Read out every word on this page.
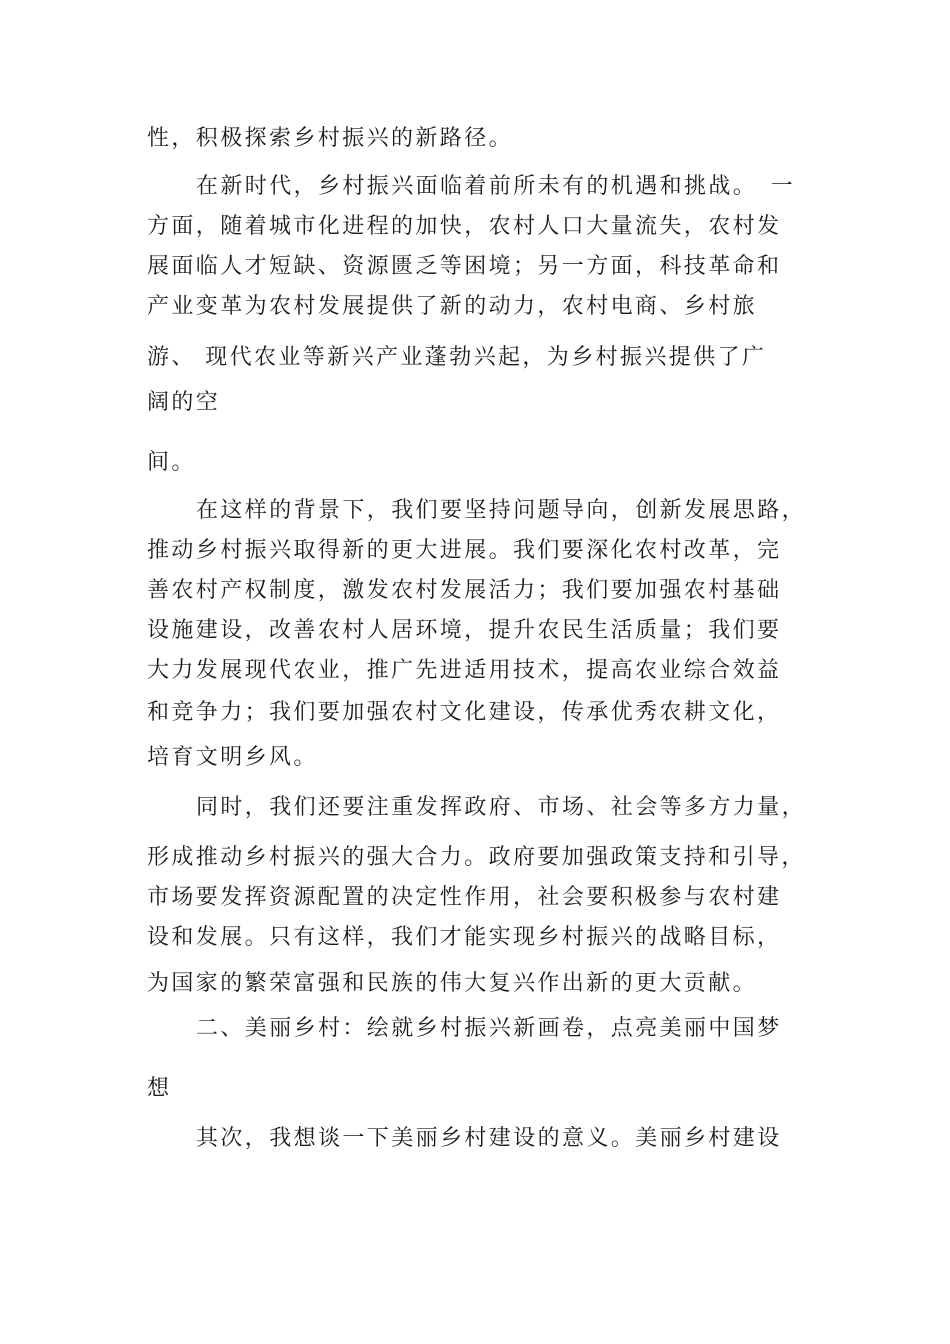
性，积极探索乡村振兴的新路径。
在新时代，乡村振兴面临着前所未有的机遇和挑战。　一
方面，随着城市化进程的加快，农村人口大量流失，农村发
展面临人才短缺、资源匮乏等困境；另一方面，科技革命和
产业变革为农村发展提供了新的动力，农村电商、乡村旅
游、 现代农业等新兴产业蓬勃兴起，为乡村振兴提供了广
阔的空
间。
在这样的背景下，我们要坚持问题导向，创新发展思路，
推动乡村振兴取得新的更大进展。我们要深化农村改革，完
善农村产权制度，激发农村发展活力；我们要加强农村基础
设施建设，改善农村人居环境，提升农民生活质量；我们要
大力发展现代农业，推广先进适用技术，提高农业综合效益
和竞争力；我们要加强农村文化建设，传承优秀农耕文化，
培育文明乡风。
同时，我们还要注重发挥政府、市场、社会等多方力量，
形成推动乡村振兴的强大合力。政府要加强政策支持和引导，
市场要发挥资源配置的决定性作用，社会要积极参与农村建
设和发展。只有这样，我们才能实现乡村振兴的战略目标，
为国家的繁荣富强和民族的伟大复兴作出新的更大贡献。
二、美丽乡村：绘就乡村振兴新画卷，点亮美丽中国梦
想
其次，我想谈一下美丽乡村建设的意义。美丽乡村建设
